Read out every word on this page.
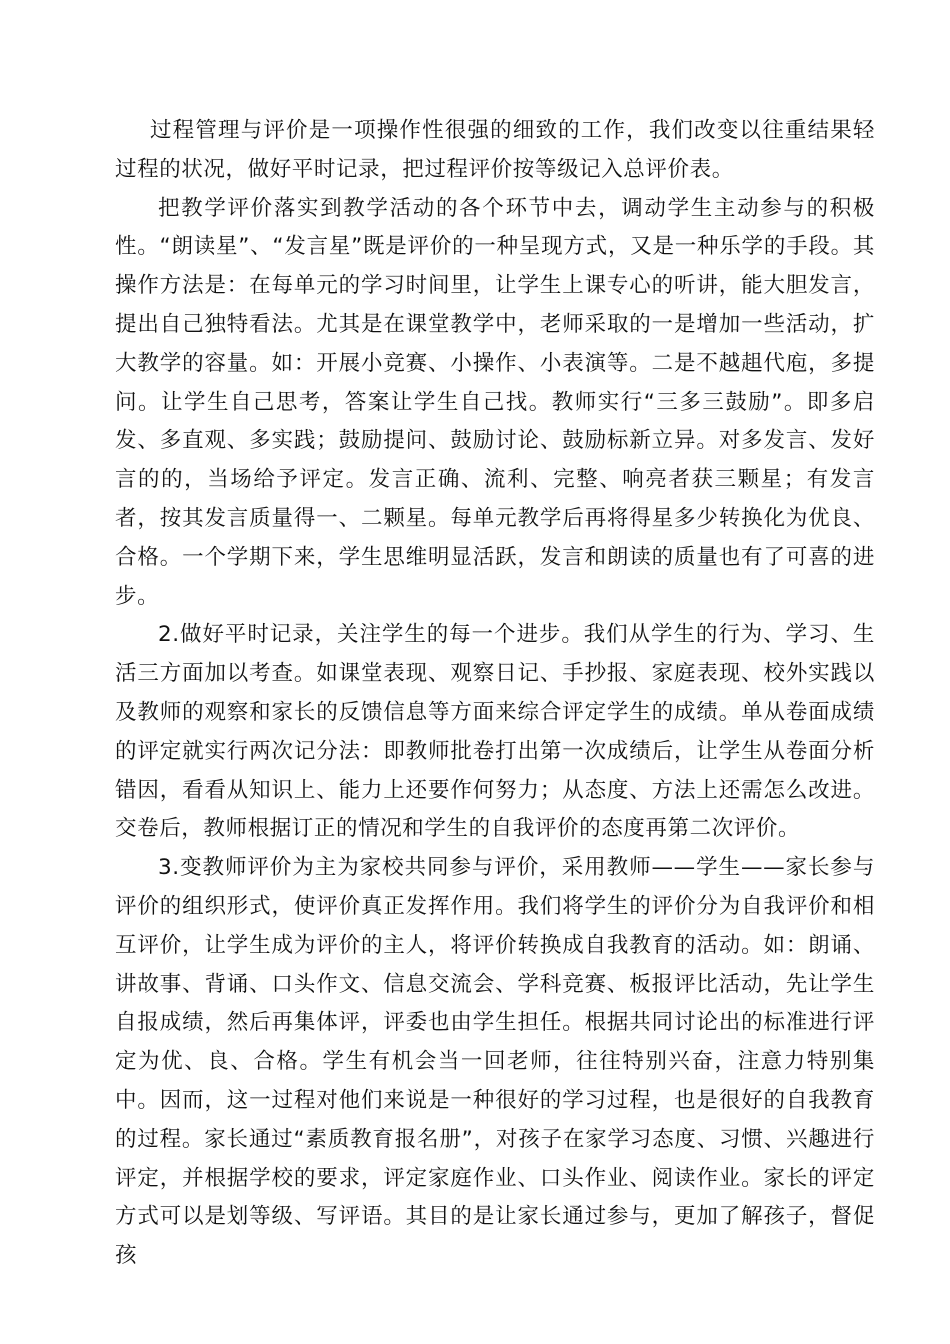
过程管理与评价是一项操作性很强的细致的工作，我们改变以往重结果轻过程的状况，做好平时记录，把过程评价按等级记入总评价表。

把教学评价落实到教学活动的各个环节中去，调动学生主动参与的积极性。“朗读星”、“发言星”既是评价的一种呈现方式，又是一种乐学的手段。其操作方法是：在每单元的学习时间里，让学生上课专心的听讲，能大胆发言，提出自己独特看法。尤其是在课堂教学中，老师采取的一是增加一些活动，扩大教学的容量。如：开展小竞赛、小操作、小表演等。二是不越趄代庖，多提问。让学生自己思考，答案让学生自己找。教师实行“三多三鼓励”。即多启发、多直观、多实践；鼓励提问、鼓励讨论、鼓励标新立异。对多发言、发好言的的，当场给予评定。发言正确、流利、完整、响亮者获三颗星；有发言者，按其发言质量得一、二颗星。每单元教学后再将得星多少转换化为优良、合格。一个学期下来，学生思维明显活跃，发言和朗读的质量也有了可喜的进步。

2.做好平时记录，关注学生的每一个进步。我们从学生的行为、学习、生活三方面加以考查。如课堂表现、观察日记、手抄报、家庭表现、校外实践以及教师的观察和家长的反馈信息等方面来综合评定学生的成绩。单从卷面成绩的评定就实行两次记分法：即教师批卷打出第一次成绩后，让学生从卷面分析错因，看看从知识上、能力上还要作何努力；从态度、方法上还需怎么改进。交卷后，教师根据订正的情况和学生的自我评价的态度再第二次评价。

3.变教师评价为主为家校共同参与评价，采用教师——学生——家长参与评价的组织形式，使评价真正发挥作用。我们将学生的评价分为自我评价和相互评价，让学生成为评价的主人，将评价转换成自我教育的活动。如：朗诵、讲故事、背诵、口头作文、信息交流会、学科竞赛、板报评比活动，先让学生自报成绩，然后再集体评，评委也由学生担任。根据共同讨论出的标准进行评定为优、良、合格。学生有机会当一回老师，往往特别兴奋，注意力特别集中。因而，这一过程对他们来说是一种很好的学习过程，也是很好的自我教育的过程。家长通过“素质教育报名册”，对孩子在家学习态度、习惯、兴趣进行评定，并根据学校的要求，评定家庭作业、口头作业、阅读作业。家长的评定方式可以是划等级、写评语。其目的是让家长通过参与，更加了解孩子，督促孩
